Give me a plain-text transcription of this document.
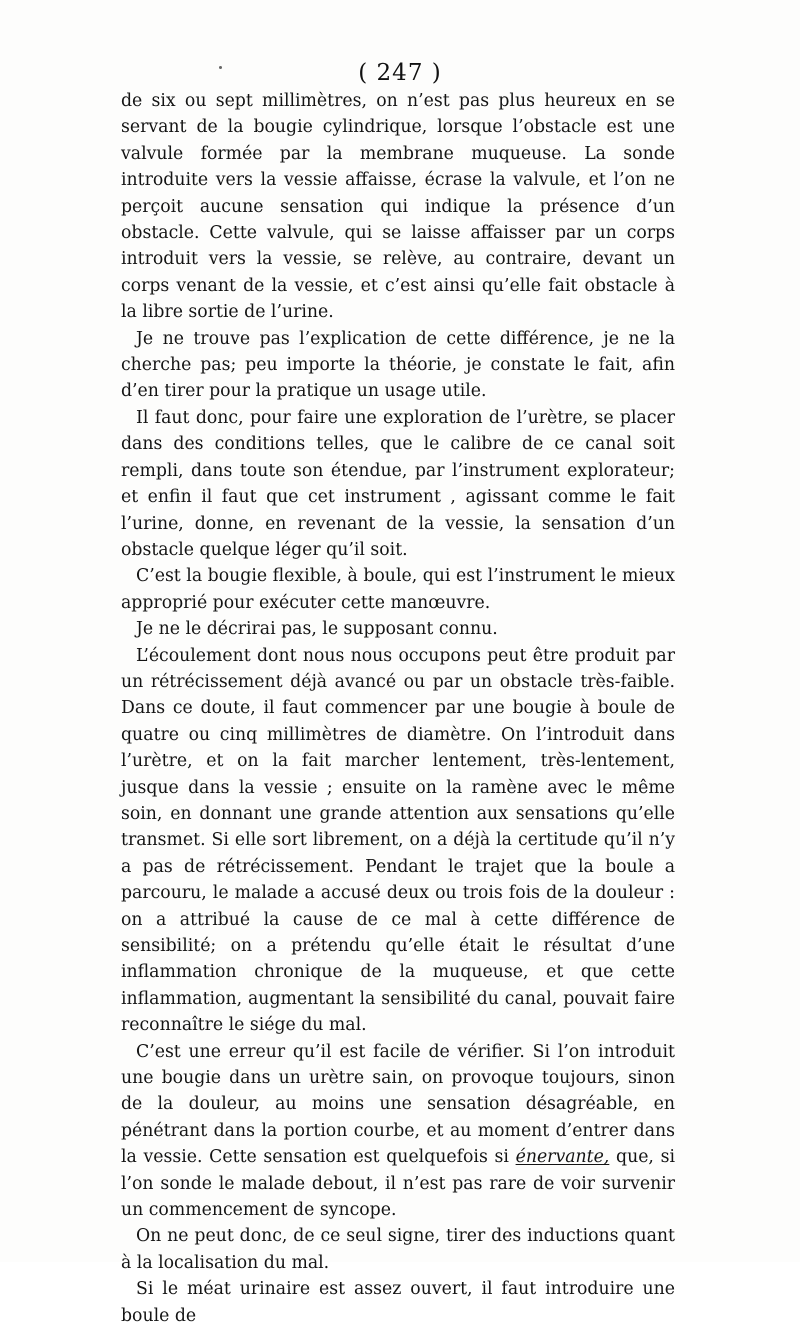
( 247 )

de six ou sept millimètres, on n’est pas plus heureux en se servant de la bougie cylindrique, lorsque l’obstacle est une valvule formée par la membrane muqueuse. La sonde introduite vers la vessie affaisse, écrase la valvule, et l’on ne perçoit aucune sensation qui indique la présence d’un obstacle. Cette valvule, qui se laisse affaisser par un corps introduit vers la vessie, se relève, au contraire, devant un corps venant de la vessie, et c’est ainsi qu’elle fait obstacle à la libre sortie de l’urine.

Je ne trouve pas l’explication de cette différence, je ne la cherche pas; peu importe la théorie, je constate le fait, afin d’en tirer pour la pratique un usage utile.

Il faut donc, pour faire une exploration de l’urètre, se placer dans des conditions telles, que le calibre de ce canal soit rempli, dans toute son étendue, par l’instrument explorateur; et enfin il faut que cet instrument , agissant comme le fait l’urine, donne, en revenant de la vessie, la sensation d’un obstacle quelque léger qu’il soit.

C’est la bougie flexible, à boule, qui est l’instrument le mieux approprié pour exécuter cette manœuvre.

Je ne le décrirai pas, le supposant connu.

L’écoulement dont nous nous occupons peut être produit par un rétrécissement déjà avancé ou par un obstacle très-faible. Dans ce doute, il faut commencer par une bougie à boule de quatre ou cinq millimètres de diamètre. On l’introduit dans l’urètre, et on la fait marcher lentement, très-lentement, jusque dans la vessie ; ensuite on la ramène avec le même soin, en donnant une grande attention aux sensations qu’elle transmet. Si elle sort librement, on a déjà la certitude qu’il n’y a pas de rétrécissement. Pendant le trajet que la boule a parcouru, le malade a accusé deux ou trois fois de la douleur : on a attribué la cause de ce mal à cette différence de sensibilité; on a prétendu qu’elle était le résultat d’une inflammation chronique de la muqueuse, et que cette inflammation, augmentant la sensibilité du canal, pouvait faire reconnaître le siége du mal.

C’est une erreur qu’il est facile de vérifier. Si l’on introduit une bougie dans un urètre sain, on provoque toujours, sinon de la douleur, au moins une sensation désagréable, en pénétrant dans la portion courbe, et au moment d’entrer dans la vessie. Cette sensation est quelquefois si énervante, que, si l’on sonde le malade debout, il n’est pas rare de voir survenir un commencement de syncope.

On ne peut donc, de ce seul signe, tirer des inductions quant à la localisation du mal.

Si le méat urinaire est assez ouvert, il faut introduire une boule de
